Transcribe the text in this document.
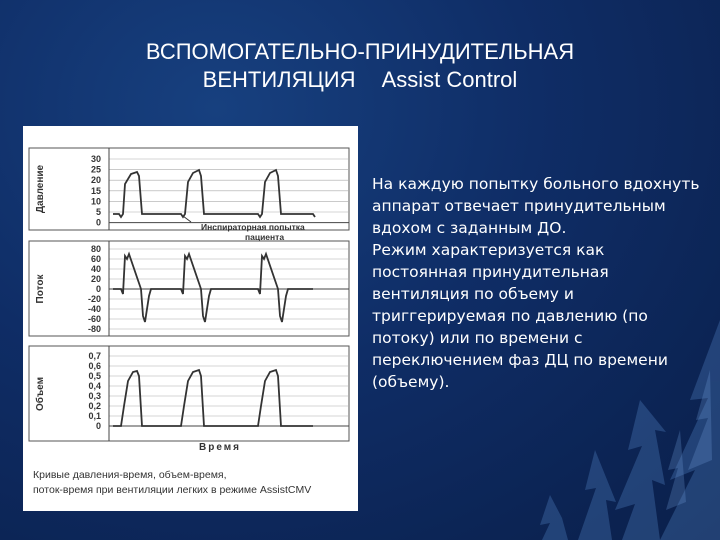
ВСПОМОГАТЕЛЬНО-ПРИНУДИТЕЛЬНАЯ
ВЕНТИЛЯЦИЯ Assist Control
Давление
30
25
20
15
10
5
0	Инспираторная попытка
пациента
Поток
80
60
40
20
0
-20
-40
-60
-80
Объем
0,7
0,6
0,5
0,4
0,3
0,2
0,1
0
Время
Кривые давления-время, объем-время,
поток-время при вентиляции легких в режиме AssistCMV
На каждую попытку больного вдохнуть аппарат отвечает принудительным вдохом с заданным ДО.
Режим характеризуется как постоянная принудительная вентиляция по объему и триггерируемая по давлению (по потоку) или по времени с переключением фаз ДЦ по времени (объему).
